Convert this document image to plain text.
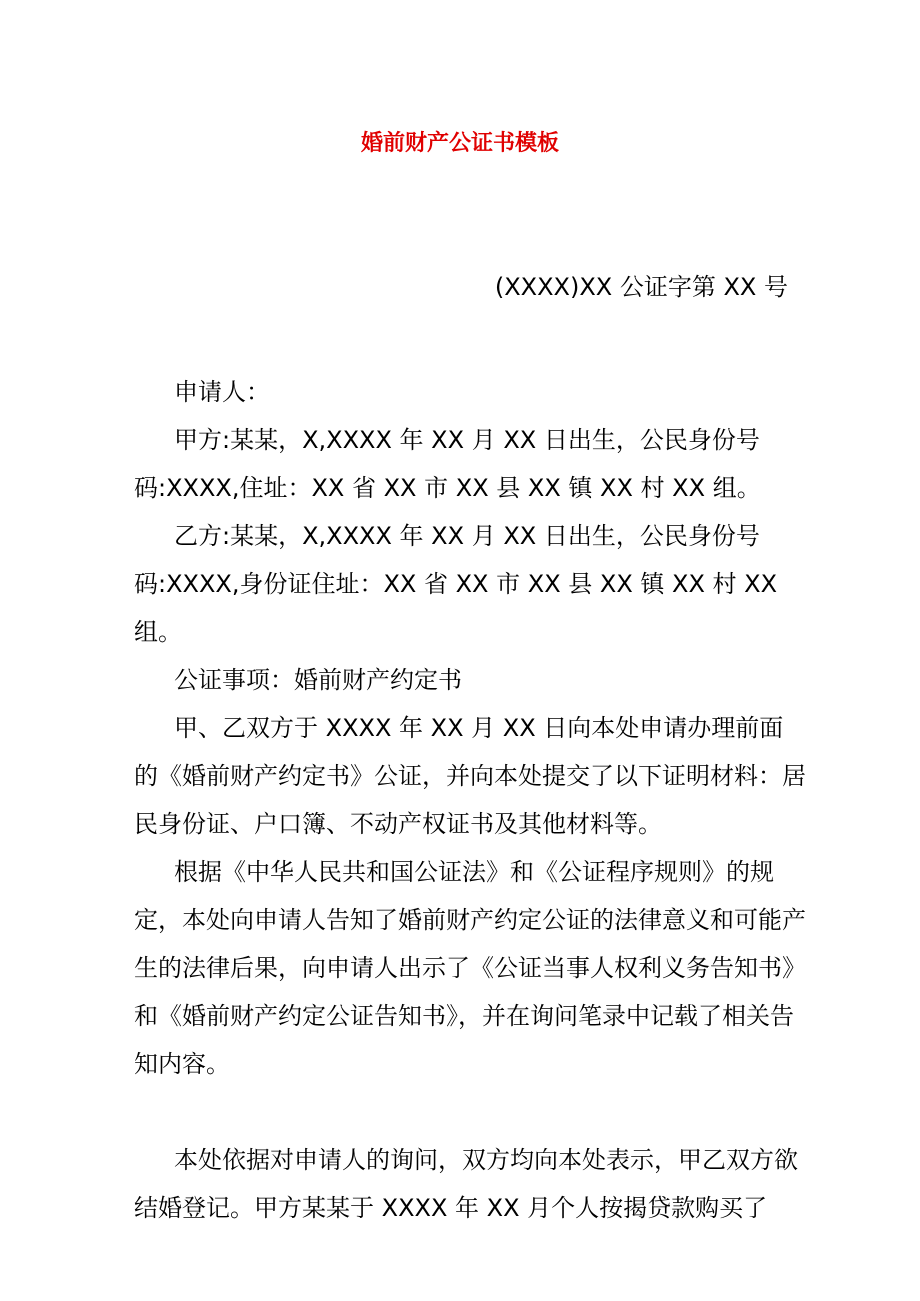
婚前财产公证书模板
(XXXX)XX 公证字第 XX 号

申请人：

甲方:某某，X,XXXX 年 XX 月 XX 日出生，公民身份号码:XXXX,住址：XX 省 XX 市 XX 县 XX 镇 XX 村 XX 组。

乙方:某某，X,XXXX 年 XX 月 XX 日出生，公民身份号码:XXXX,身份证住址：XX 省 XX 市 XX 县 XX 镇 XX 村 XX 组。

公证事项：婚前财产约定书

甲、乙双方于 XXXX 年 XX 月 XX 日向本处申请办理前面的《婚前财产约定书》公证，并向本处提交了以下证明材料：居民身份证、户口簿、不动产权证书及其他材料等。

根据《中华人民共和国公证法》和《公证程序规则》的规定，本处向申请人告知了婚前财产约定公证的法律意义和可能产生的法律后果，向申请人出示了《公证当事人权利义务告知书》和《婚前财产约定公证告知书》，并在询问笔录中记载了相关告知内容。

本处依据对申请人的询问，双方均向本处表示，甲乙双方欲结婚登记。甲方某某于 XXXX 年 XX 月个人按揭贷款购买了
